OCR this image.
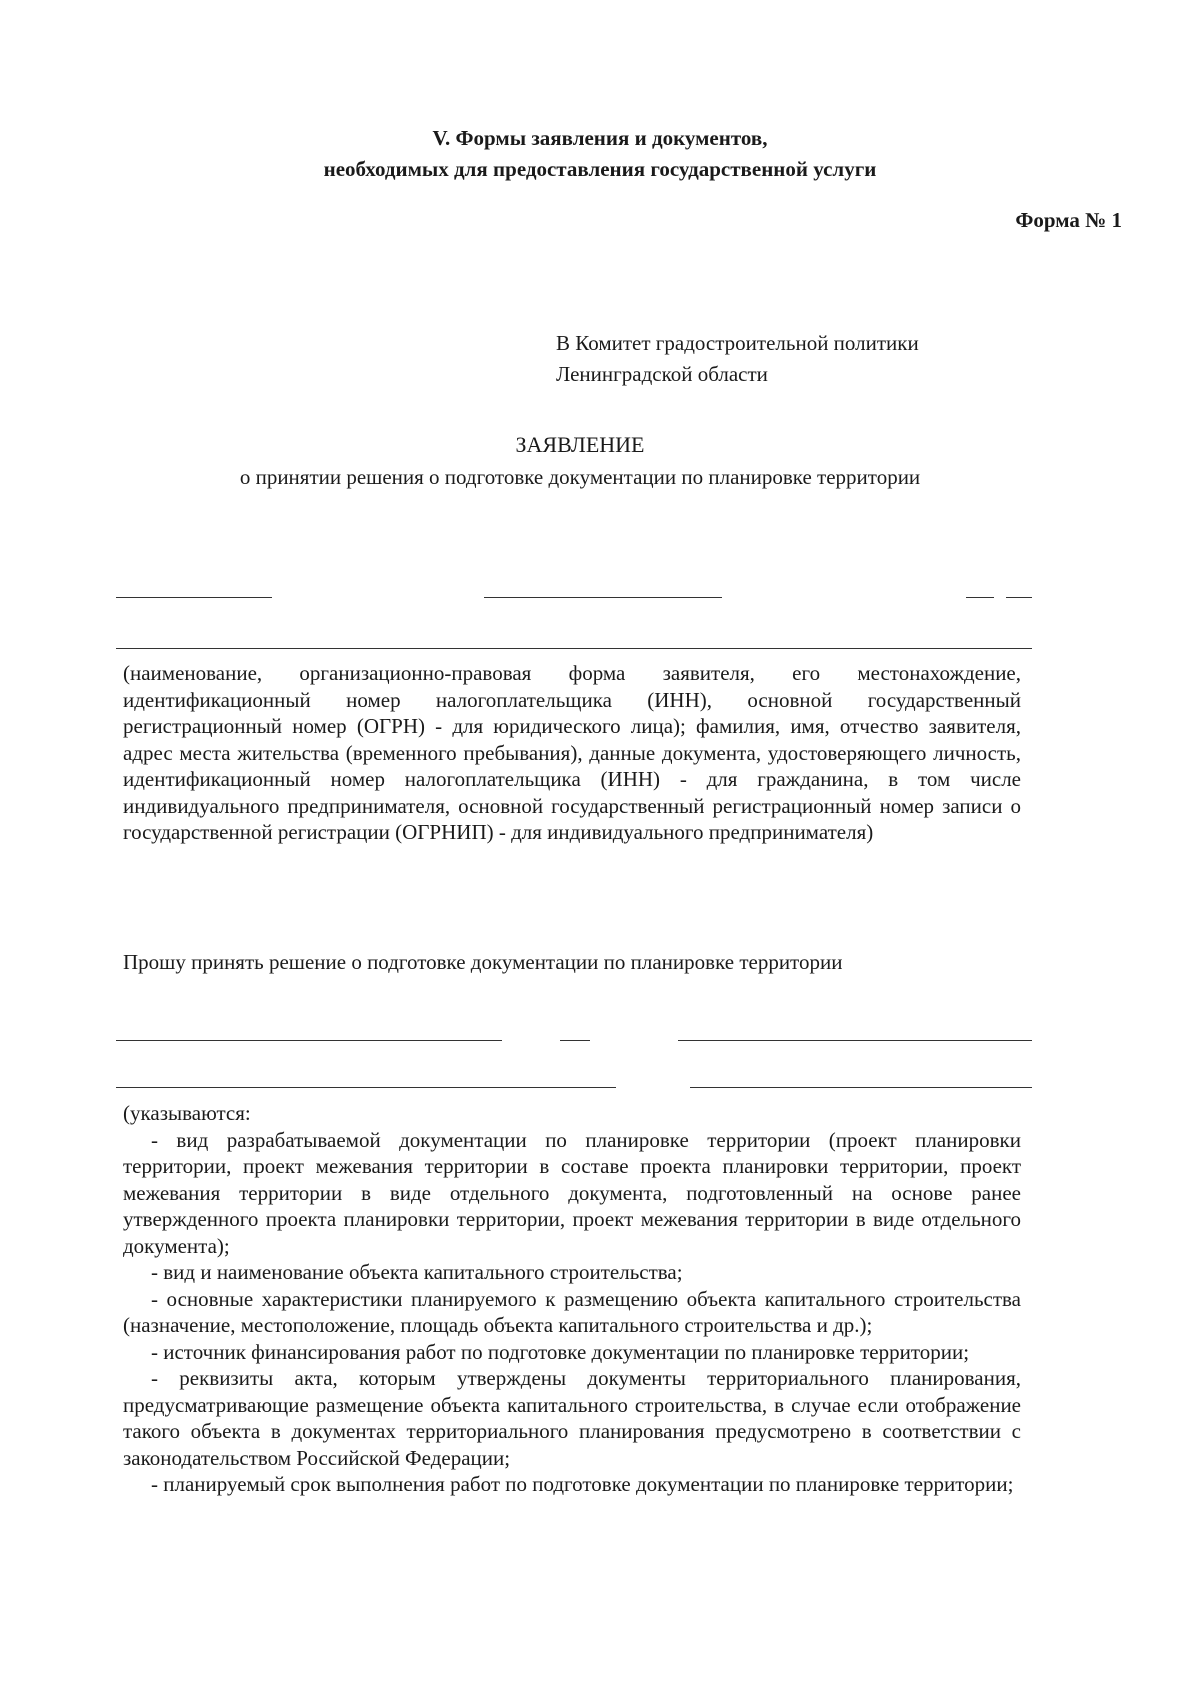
V. Формы заявления и документов,
необходимых для предоставления государственной услуги
Форма № 1
В Комитет градостроительной политики
Ленинградской области
ЗАЯВЛЕНИЕ
о принятии решения о подготовке документации по планировке территории
(наименование, организационно-правовая форма заявителя, его местонахождение, идентификационный номер налогоплательщика (ИНН), основной государственный регистрационный номер (ОГРН) - для юридического лица); фамилия, имя, отчество заявителя, адрес места жительства (временного пребывания), данные документа, удостоверяющего личность, идентификационный номер налогоплательщика (ИНН) - для гражданина, в том числе индивидуального предпринимателя, основной государственный регистрационный номер записи о государственной регистрации (ОГРНИП) - для индивидуального предпринимателя)
Прошу принять решение о подготовке документации по планировке территории
(указываются:
- вид разрабатываемой документации по планировке территории (проект планировки территории, проект межевания территории в составе проекта планировки территории, проект межевания территории в виде отдельного документа, подготовленный на основе ранее утвержденного проекта планировки территории, проект межевания территории в виде отдельного документа);
- вид и наименование объекта капитального строительства;
- основные характеристики планируемого к размещению объекта капитального строительства (назначение, местоположение, площадь объекта капитального строительства и др.);
- источник финансирования работ по подготовке документации по планировке территории;
- реквизиты акта, которым утверждены документы территориального планирования, предусматривающие размещение объекта капитального строительства, в случае если отображение такого объекта в документах территориального планирования предусмотрено в соответствии с законодательством Российской Федерации;
- планируемый срок выполнения работ по подготовке документации по планировке территории;
